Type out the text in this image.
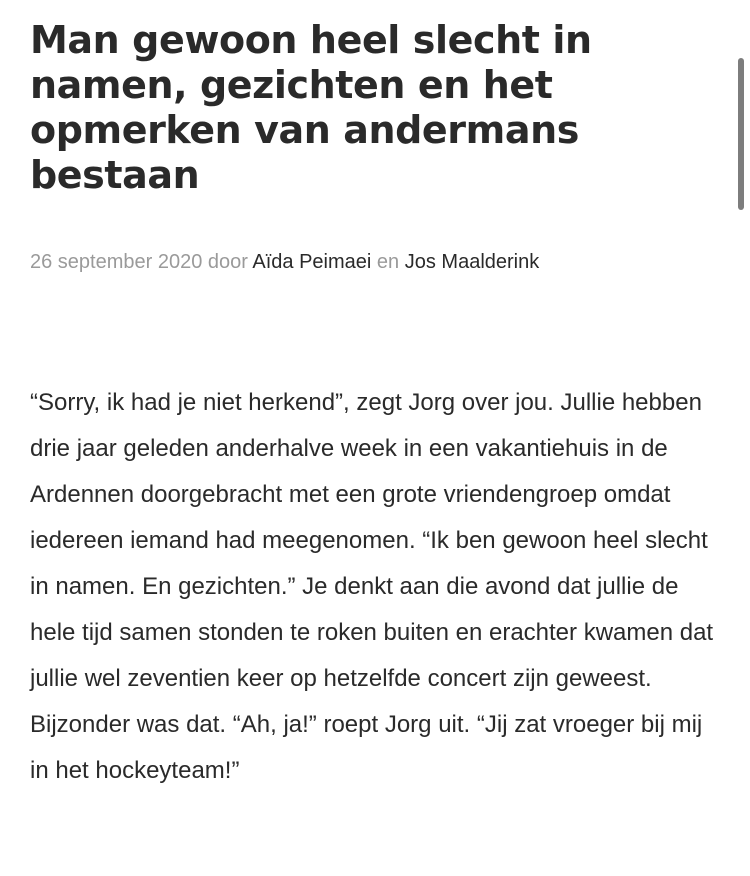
Man gewoon heel slecht in namen, gezichten en het opmerken van andermans bestaan
26 september 2020 door Aïda Peimaei en Jos Maalderink

“Sorry, ik had je niet herkend”, zegt Jorg over jou. Jullie hebben drie jaar geleden anderhalve week in een vakantiehuis in de Ardennen doorgebracht met een grote vriendengroep omdat iedereen iemand had meegenomen. “Ik ben gewoon heel slecht in namen. En gezichten.” Je denkt aan die avond dat jullie de hele tijd samen stonden te roken buiten en erachter kwamen dat jullie wel zeventien keer op hetzelfde concert zijn geweest. Bijzonder was dat. “Ah, ja!” roept Jorg uit. “Jij zat vroeger bij mij in het hockeyteam!”
